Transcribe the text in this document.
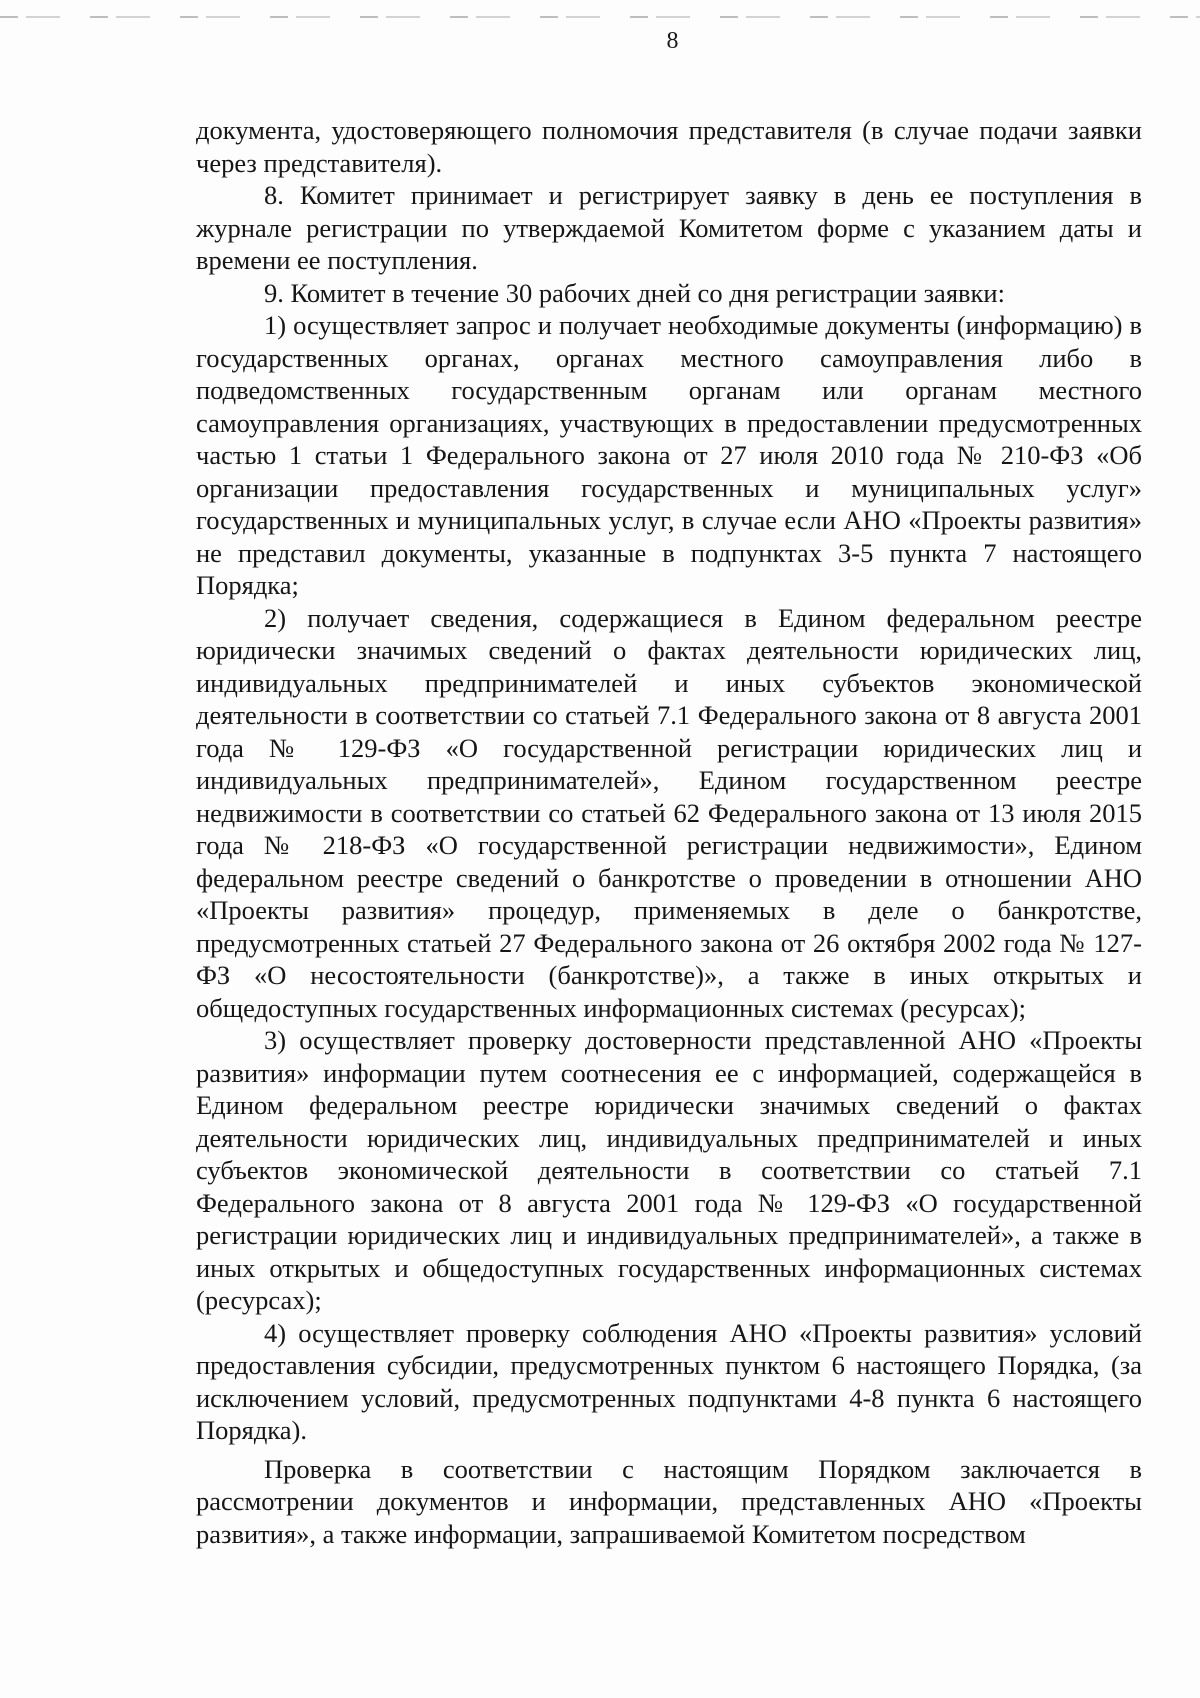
8

документа, удостоверяющего полномочия представителя (в случае подачи заявки через представителя).

8. Комитет принимает и регистрирует заявку в день ее поступления в журнале регистрации по утверждаемой Комитетом форме с указанием даты и времени ее поступления.

9. Комитет в течение 30 рабочих дней со дня регистрации заявки:

1) осуществляет запрос и получает необходимые документы (информацию) в государственных органах, органах местного самоуправления либо в подведомственных государственным органам или органам местного самоуправления организациях, участвующих в предоставлении предусмотренных частью 1 статьи 1 Федерального закона от 27 июля 2010 года № 210-ФЗ «Об организации предоставления государственных и муниципальных услуг» государственных и муниципальных услуг, в случае если АНО «Проекты развития» не представил документы, указанные в подпунктах 3-5 пункта 7 настоящего Порядка;

2) получает сведения, содержащиеся в Едином федеральном реестре юридически значимых сведений о фактах деятельности юридических лиц, индивидуальных предпринимателей и иных субъектов экономической деятельности в соответствии со статьей 7.1 Федерального закона от 8 августа 2001 года № 129-ФЗ «О государственной регистрации юридических лиц и индивидуальных предпринимателей», Едином государственном реестре недвижимости в соответствии со статьей 62 Федерального закона от 13 июля 2015 года № 218-ФЗ «О государственной регистрации недвижимости», Едином федеральном реестре сведений о банкротстве о проведении в отношении АНО «Проекты развития» процедур, применяемых в деле о банкротстве, предусмотренных статьей 27 Федерального закона от 26 октября 2002 года № 127-ФЗ «О несостоятельности (банкротстве)», а также в иных открытых и общедоступных государственных информационных системах (ресурсах);

3) осуществляет проверку достоверности представленной АНО «Проекты развития» информации путем соотнесения ее с информацией, содержащейся в Едином федеральном реестре юридически значимых сведений о фактах деятельности юридических лиц, индивидуальных предпринимателей и иных субъектов экономической деятельности в соответствии со статьей 7.1 Федерального закона от 8 августа 2001 года № 129-ФЗ «О государственной регистрации юридических лиц и индивидуальных предпринимателей», а также в иных открытых и общедоступных государственных информационных системах (ресурсах);

4) осуществляет проверку соблюдения АНО «Проекты развития» условий предоставления субсидии, предусмотренных пунктом 6 настоящего Порядка, (за исключением условий, предусмотренных подпунктами 4-8 пункта 6 настоящего Порядка).

Проверка в соответствии с настоящим Порядком заключается в рассмотрении документов и информации, представленных АНО «Проекты развития», а также информации, запрашиваемой Комитетом посредством
